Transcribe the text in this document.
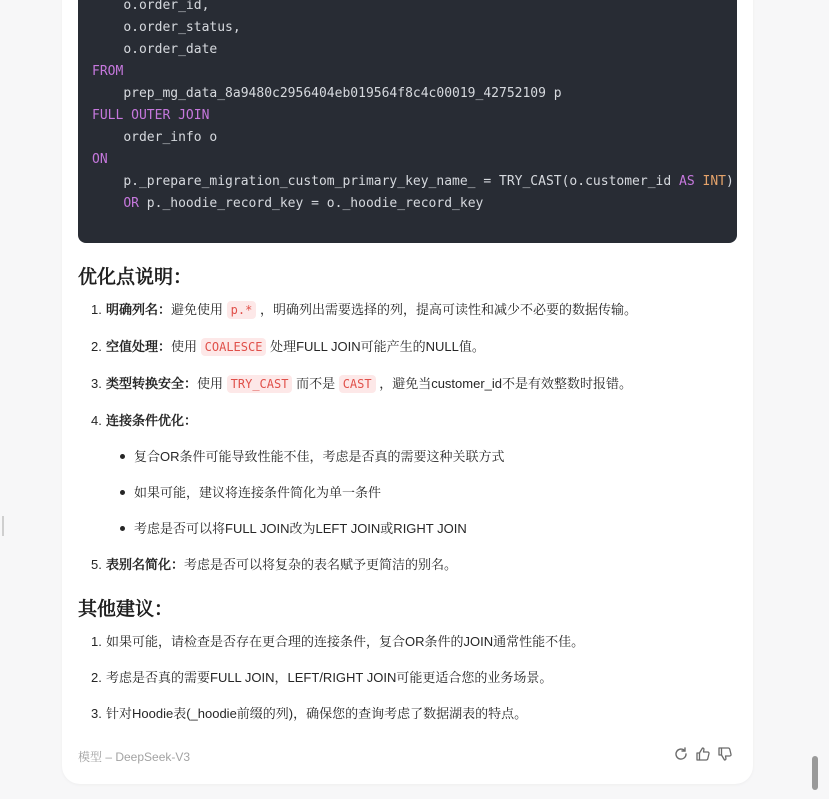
o.order_id,
o.order_status,
o.order_date
FROM
prep_mg_data_8a9480c2956404eb019564f8c4c00019_42752109 p
FULL OUTER JOIN
order_info o
ON
p._prepare_migration_custom_primary_key_name_ = TRY_CAST(o.customer_id AS INT)
OR p._hoodie_record_key = o._hoodie_record_key
优化点说明：
1. 明确列名：避免使用 p.* ，明确列出需要选择的列，提高可读性和减少不必要的数据传输。
2. 空值处理：使用 COALESCE 处理FULL JOIN可能产生的NULL值。
3. 类型转换安全：使用 TRY_CAST 而不是 CAST ，避免当customer_id不是有效整数时报错。
4. 连接条件优化：
复合OR条件可能导致性能不佳，考虑是否真的需要这种关联方式
如果可能，建议将连接条件简化为单一条件
考虑是否可以将FULL JOIN改为LEFT JOIN或RIGHT JOIN
5. 表别名简化：考虑是否可以将复杂的表名赋予更简洁的别名。
其他建议：
1. 如果可能，请检查是否存在更合理的连接条件，复合OR条件的JOIN通常性能不佳。
2. 考虑是否真的需要FULL JOIN，LEFT/RIGHT JOIN可能更适合您的业务场景。
3. 针对Hoodie表(_hoodie前缀的列)，确保您的查询考虑了数据湖表的特点。
模型 – DeepSeek-V3
